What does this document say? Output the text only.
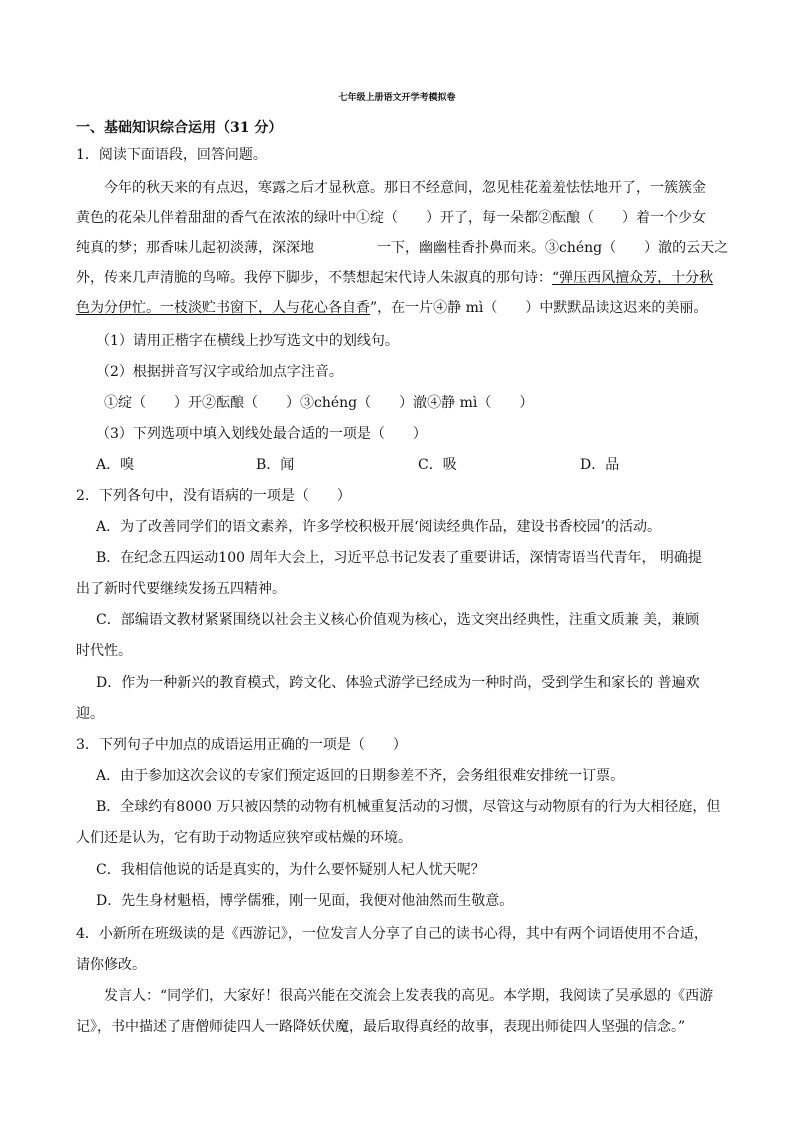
七年级上册语文开学考模拟卷
一、基础知识综合运用（31 分）
1．阅读下面语段，回答问题。
今年的秋天来的有点迟，寒露之后才显秋意。那日不经意间，忽见桂花羞羞怯怯地开了，一簇簇金
黄色的花朵儿伴着甜甜的香气在浓浓的绿叶中①绽（　　）开了，每一朵都②酝酿（　　）着一个少女
纯真的梦；那香味儿起初淡薄，深深地	一下，幽幽桂香扑鼻而来。③chéng（　　）澈的云天之
外，传来几声清脆的鸟啼。我停下脚步，不禁想起宋代诗人朱淑真的那句诗：“弹压西风擅众芳，十分秋
色为分伊忙。一枝淡贮书窗下，人与花心各自香”，在一片④静 mì（　　）中默默品读这迟来的美丽。
（1）请用正楷字在横线上抄写选文中的划线句。
（2）根据拼音写汉字或给加点字注音。
①绽（　　）开②酝酿（　　）③chéng（　　）澈④静 mì（　　）
（3）下列选项中填入划线处最合适的一项是（　　）
A．嗅	B．闻	C．吸	D．品
2．下列各句中，没有语病的一项是（　　）
A．为了改善同学们的语文素养，许多学校积极开展‘阅读经典作品，建设书香校园’的活动。
B．在纪念五四运动100 周年大会上，习近平总书记发表了重要讲话，深情寄语当代青年， 明确提
出了新时代要继续发扬五四精神。
C．部编语文教材紧紧围绕以社会主义核心价值观为核心，选文突出经典性，注重文质兼 美，兼顾
时代性。
D．作为一种新兴的教育模式，跨文化、体验式游学已经成为一种时尚，受到学生和家长的 普遍欢
迎。
3．下列句子中加点的成语运用正确的一项是（　　）
A．由于参加这次会议的专家们预定返回的日期参差不齐，会务组很难安排统一订票。
B．全球约有8000 万只被囚禁的动物有机械重复活动的习惯，尽管这与动物原有的行为大相径庭，但
人们还是认为，它有助于动物适应狭窄或枯燥的环境。
C．我相信他说的话是真实的，为什么要怀疑别人杞人忧天呢？
D．先生身材魁梧，博学儒雅，刚一见面，我便对他油然而生敬意。
4．小新所在班级读的是《西游记》，一位发言人分享了自己的读书心得，其中有两个词语使用不合适，
请你修改。
发言人：“同学们，大家好！很高兴能在交流会上发表我的高见。本学期，我阅读了吴承恩的《西游
记》，书中描述了唐僧师徒四人一路降妖伏魔，最后取得真经的故事，表现出师徒四人坚强的信念。”
